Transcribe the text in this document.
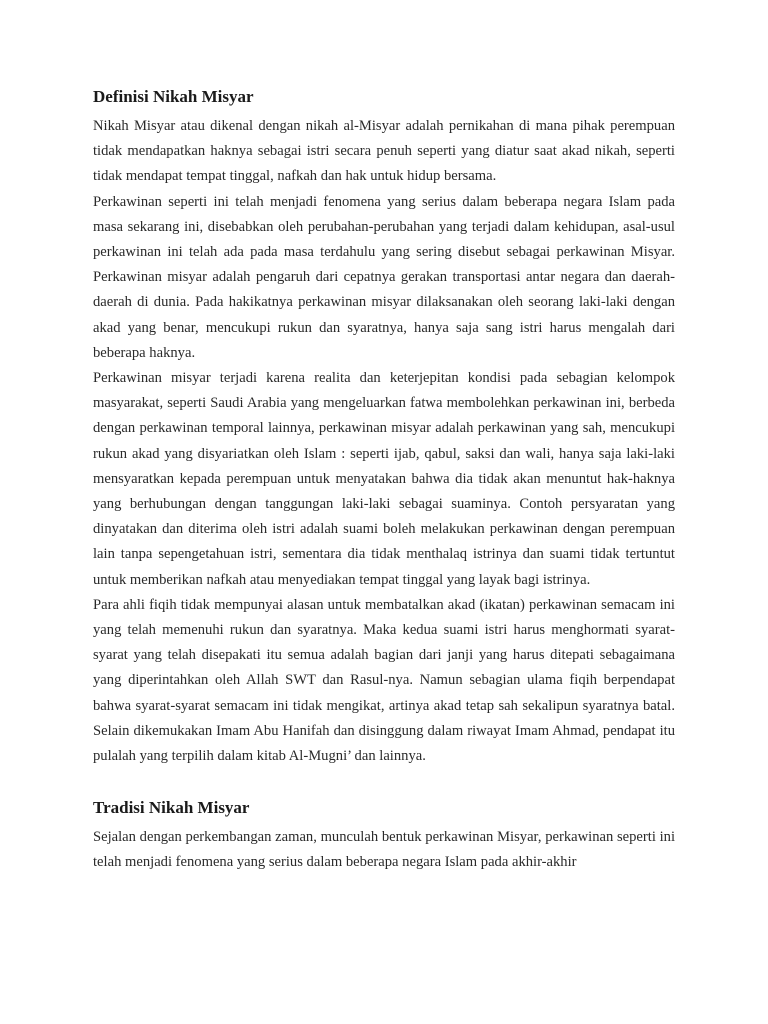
Definisi Nikah Misyar

Nikah Misyar atau dikenal dengan nikah al-Misyar adalah pernikahan di mana pihak perempuan tidak mendapatkan haknya sebagai istri secara penuh seperti yang diatur saat akad nikah, seperti tidak mendapat tempat tinggal, nafkah dan hak untuk hidup bersama.

Perkawinan seperti ini telah menjadi fenomena yang serius dalam beberapa negara Islam pada masa sekarang ini, disebabkan oleh perubahan-perubahan yang terjadi dalam kehidupan, asal-usul perkawinan ini telah ada pada masa terdahulu yang sering disebut sebagai perkawinan Misyar. Perkawinan misyar adalah pengaruh dari cepatnya gerakan transportasi antar negara dan daerah-daerah di dunia. Pada hakikatnya perkawinan misyar dilaksanakan oleh seorang laki-laki dengan akad yang benar, mencukupi rukun dan syaratnya, hanya saja sang istri harus mengalah dari beberapa haknya.

Perkawinan misyar terjadi karena realita dan keterjepitan kondisi pada sebagian kelompok masyarakat, seperti Saudi Arabia yang mengeluarkan fatwa membolehkan perkawinan ini, berbeda dengan perkawinan temporal lainnya, perkawinan misyar adalah perkawinan yang sah, mencukupi rukun akad yang disyariatkan oleh Islam : seperti ijab, qabul, saksi dan wali, hanya saja laki-laki mensyaratkan kepada perempuan untuk menyatakan bahwa dia tidak akan menuntut hak-haknya yang berhubungan dengan tanggungan laki-laki sebagai suaminya. Contoh persyaratan yang dinyatakan dan diterima oleh istri adalah suami boleh melakukan perkawinan dengan perempuan lain tanpa sepengetahuan istri, sementara dia tidak menthalaq istrinya dan suami tidak tertuntut untuk memberikan nafkah atau menyediakan tempat tinggal yang layak bagi istrinya.

Para ahli fiqih tidak mempunyai alasan untuk membatalkan akad (ikatan) perkawinan semacam ini yang telah memenuhi rukun dan syaratnya. Maka kedua suami istri harus menghormati syarat-syarat yang telah disepakati itu semua adalah bagian dari janji yang harus ditepati sebagaimana yang diperintahkan oleh Allah SWT dan Rasul-nya. Namun sebagian ulama fiqih berpendapat bahwa syarat-syarat semacam ini tidak mengikat, artinya akad tetap sah sekalipun syaratnya batal. Selain dikemukakan Imam Abu Hanifah dan disinggung dalam riwayat Imam Ahmad, pendapat itu pulalah yang terpilih dalam kitab Al-Mugni’ dan lainnya.

Tradisi Nikah Misyar

Sejalan dengan perkembangan zaman, munculah bentuk perkawinan Misyar, perkawinan seperti ini telah menjadi fenomena yang serius dalam beberapa negara Islam pada akhir-akhir
